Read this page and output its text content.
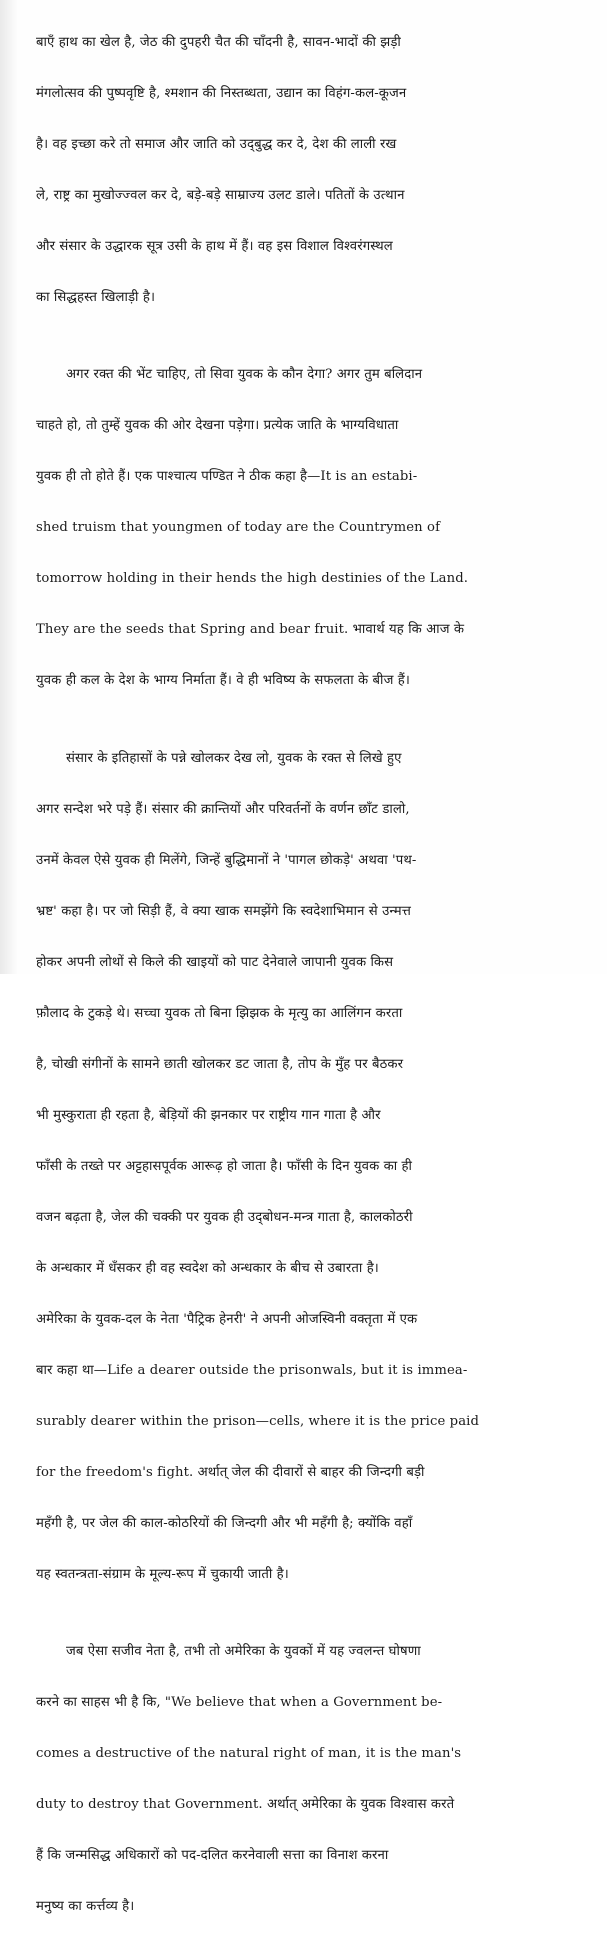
बाएँ हाथ का खेल है, जेठ की दुपहरी चैत की चाँदनी है, सावन-भादों की झड़ी

मंगलोत्सव की पुष्पवृष्टि है, श्मशान की निस्तब्धता, उद्यान का विहंग-कल-कूजन

है। वह इच्छा करे तो समाज और जाति को उद्‌बुद्ध कर दे, देश की लाली रख

ले, राष्ट्र का मुखोज्ज्वल कर दे, बड़े-बड़े साम्राज्य उलट डाले। पतितों के उत्थान

और संसार के उद्धारक सूत्र उसी के हाथ में हैं। वह इस विशाल विश्वरंगस्थल

का सिद्धहस्त खिलाड़ी है।

अगर रक्त की भेंट चाहिए, तो सिवा युवक के कौन देगा? अगर तुम बलिदान

चाहते हो, तो तुम्हें युवक की ओर देखना पड़ेगा। प्रत्येक जाति के भाग्यविधाता

युवक ही तो होते हैं। एक पाश्चात्य पण्डित ने ठीक कहा है—It is an estabi-

shed truism that youngmen of today are the Countrymen of

tomorrow holding in their hends the high destinies of the Land.

They are the seeds that Spring and bear fruit. भावार्थ यह कि आज के

युवक ही कल के देश के भाग्य निर्माता हैं। वे ही भविष्य के सफलता के बीज हैं।

संसार के इतिहासों के पन्ने खोलकर देख लो, युवक के रक्त से लिखे हुए

अगर सन्देश भरे पड़े हैं। संसार की क्रान्तियों और परिवर्तनों के वर्णन छाँट डालो,

उनमें केवल ऐसे युवक ही मिलेंगे, जिन्हें बुद्धिमानों ने 'पागल छोकड़े' अथवा 'पथ-

भ्रष्ट' कहा है। पर जो सिड़ी हैं, वे क्या खाक समझेंगे कि स्वदेशाभिमान से उन्मत्त

होकर अपनी लोथों से किले की खाइयों को पाट देनेवाले जापानी युवक किस

फ़ौलाद के टुकड़े थे। सच्चा युवक तो बिना झिझक के मृत्यु का आलिंगन करता

है, चोखी संगीनों के सामने छाती खोलकर डट जाता है, तोप के मुँह पर बैठकर

भी मुस्कुराता ही रहता है, बेड़ियों की झनकार पर राष्ट्रीय गान गाता है और

फाँसी के तख्ते पर अट्टहासपूर्वक आरूढ़ हो जाता है। फाँसी के दिन युवक का ही

वजन बढ़ता है, जेल की चक्की पर युवक ही उद्‌बोधन-मन्त्र गाता है, कालकोठरी

के अन्धकार में धँसकर ही वह स्वदेश को अन्धकार के बीच से उबारता है।

अमेरिका के युवक-दल के नेता 'पैट्रिक हेनरी' ने अपनी ओजस्विनी वक्तृता में एक

बार कहा था—Life a dearer outside the prisonwals, but it is immea-

surably dearer within the prison—cells, where it is the price paid

for the freedom's fight. अर्थात् जेल की दीवारों से बाहर की जिन्दगी बड़ी

महँगी है, पर जेल की काल-कोठरियों की जिन्दगी और भी महँगी है; क्योंकि वहाँ

यह स्वतन्त्रता-संग्राम के मूल्य-रूप में चुकायी जाती है।

जब ऐसा सजीव नेता है, तभी तो अमेरिका के युवकों में यह ज्वलन्त घोषणा

करने का साहस भी है कि, "We believe that when a Government be-

comes a destructive of the natural right of man, it is the man's

duty to destroy that Government. अर्थात् अमेरिका के युवक विश्वास करते

हैं कि जन्मसिद्ध अधिकारों को पद-दलित करनेवाली सत्ता का विनाश करना

मनुष्य का कर्त्तव्य है।
